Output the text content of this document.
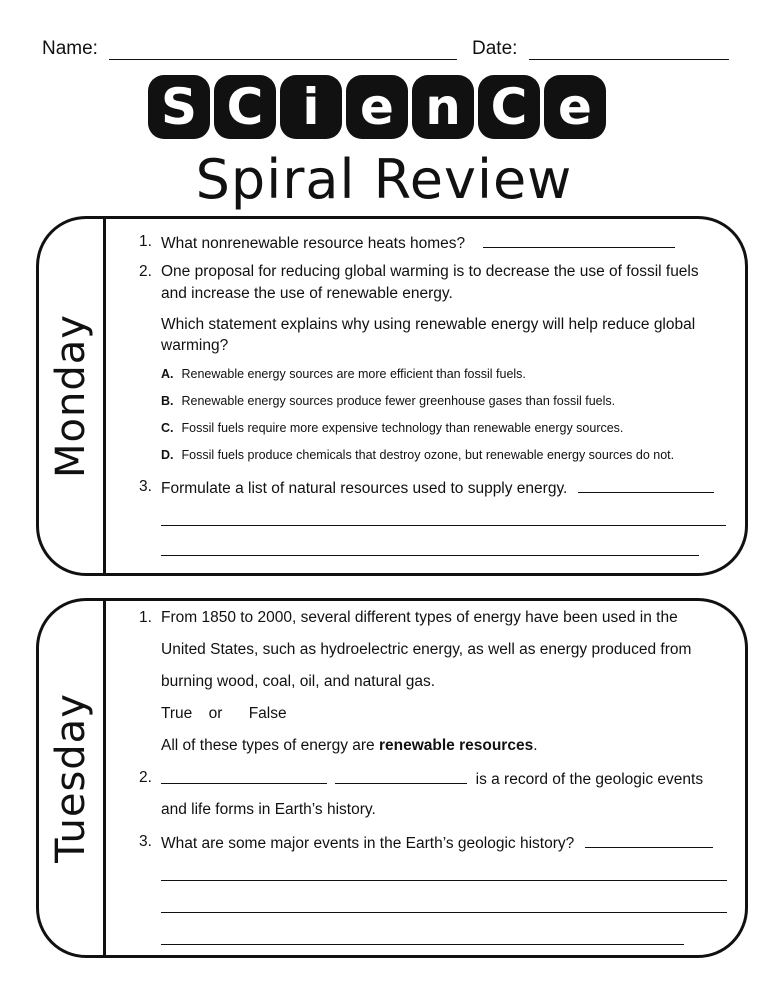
Name:	Date:
S C i e n C e
Spiral Review
Monday
1. What nonrenewable resource heats homes?
2. One proposal for reducing global warming is to decrease the use of fossil fuels
and increase the use of renewable energy.
Which statement explains why using renewable energy will help reduce global
warming?
A. Renewable energy sources are more efficient than fossil fuels.
B. Renewable energy sources produce fewer greenhouse gases than fossil fuels.
C. Fossil fuels require more expensive technology than renewable energy sources.
D. Fossil fuels produce chemicals that destroy ozone, but renewable energy sources do not.
3. Formulate a list of natural resources used to supply energy.
Tuesday
1. From 1850 to 2000, several different types of energy have been used in the
United States, such as hydroelectric energy, as well as energy produced from
burning wood, coal, oil, and natural gas.
True or False
All of these types of energy are renewable resources.
2.	is a record of the geologic events
and life forms in Earth’s history.
3. What are some major events in the Earth’s geologic history?
